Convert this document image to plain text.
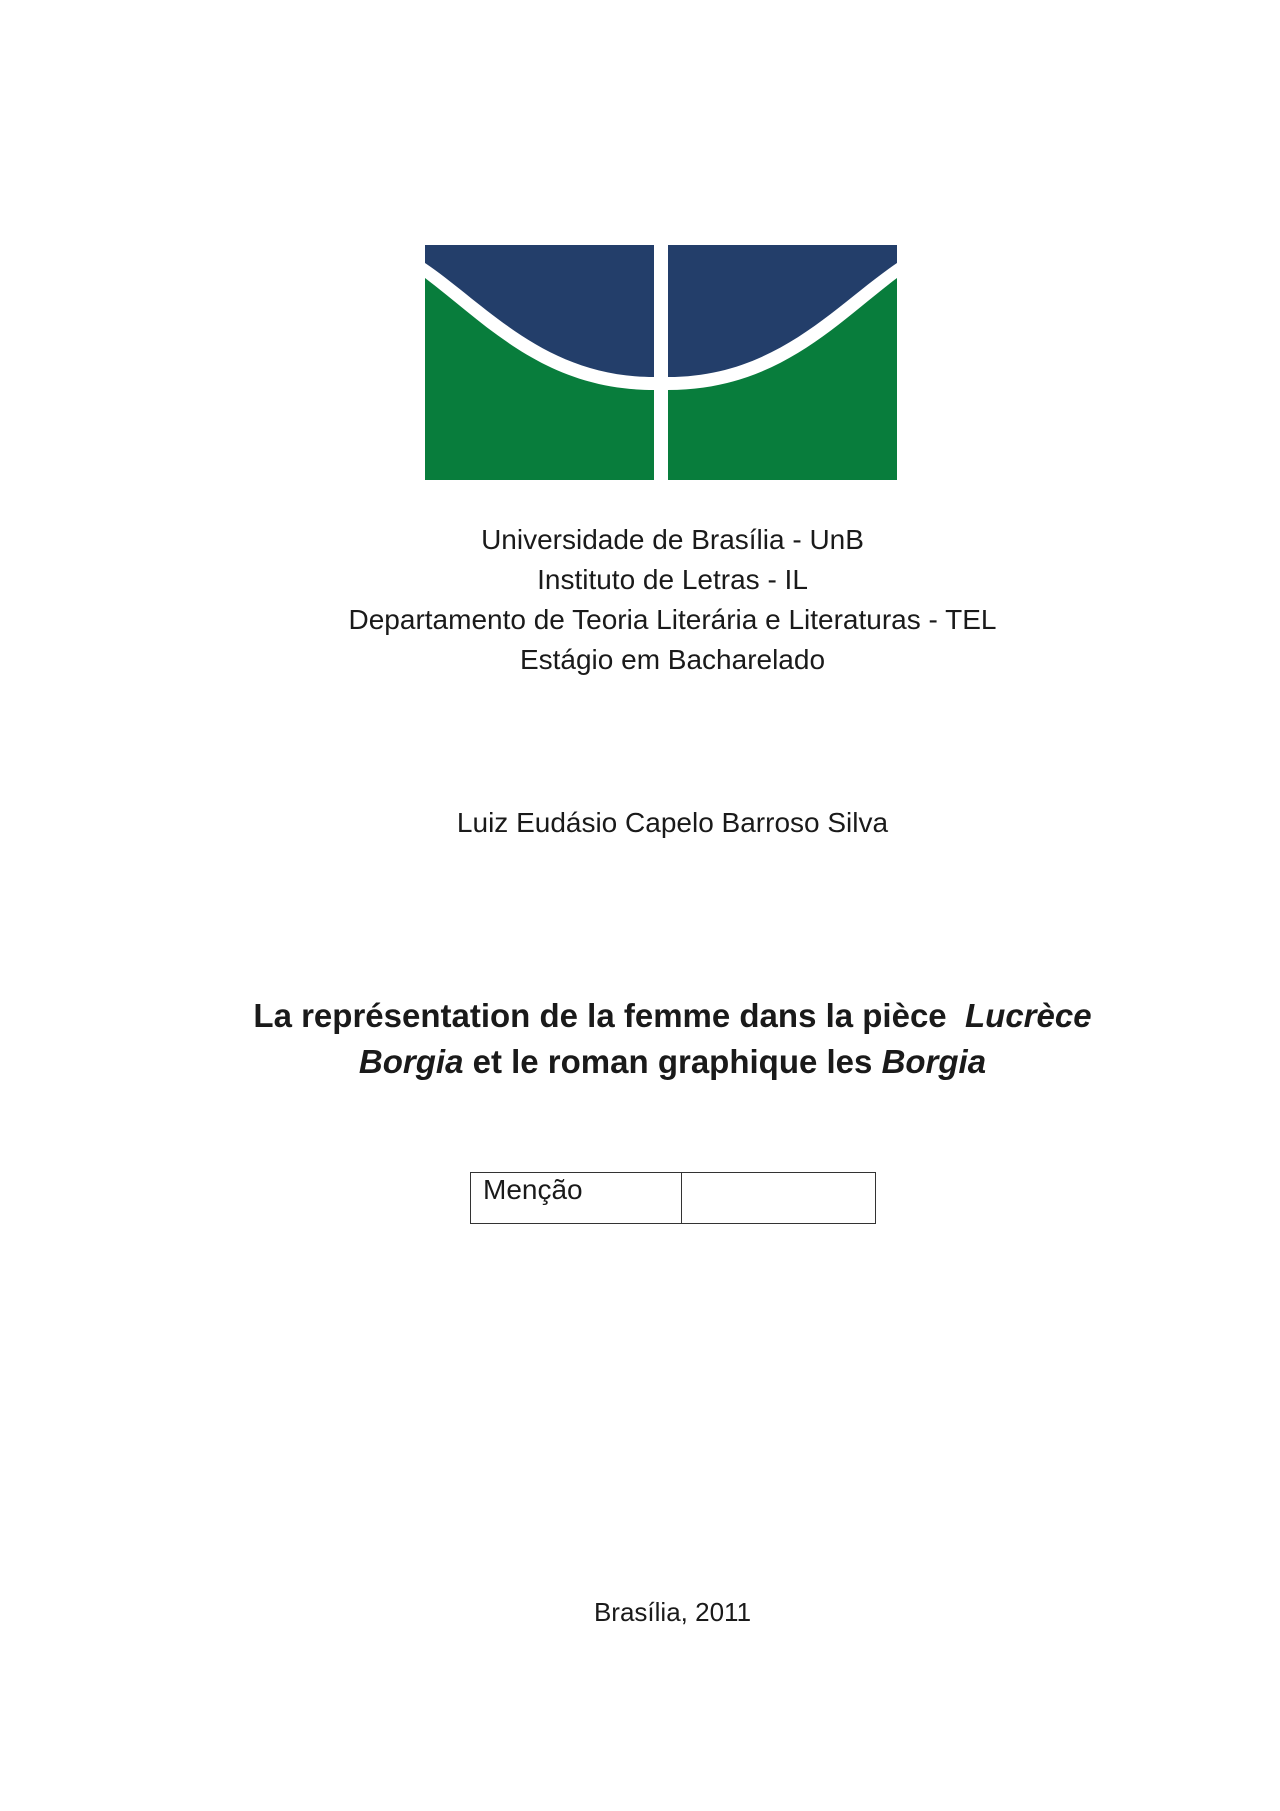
Universidade de Brasília - UnB
Instituto de Letras - IL
Departamento de Teoria Literária e Literaturas - TEL
Estágio em Bacharelado
Luiz Eudásio Capelo Barroso Silva
La représentation de la femme dans la pièce Lucrèce
Borgia et le roman graphique les Borgia
Menção	
Brasília, 2011
